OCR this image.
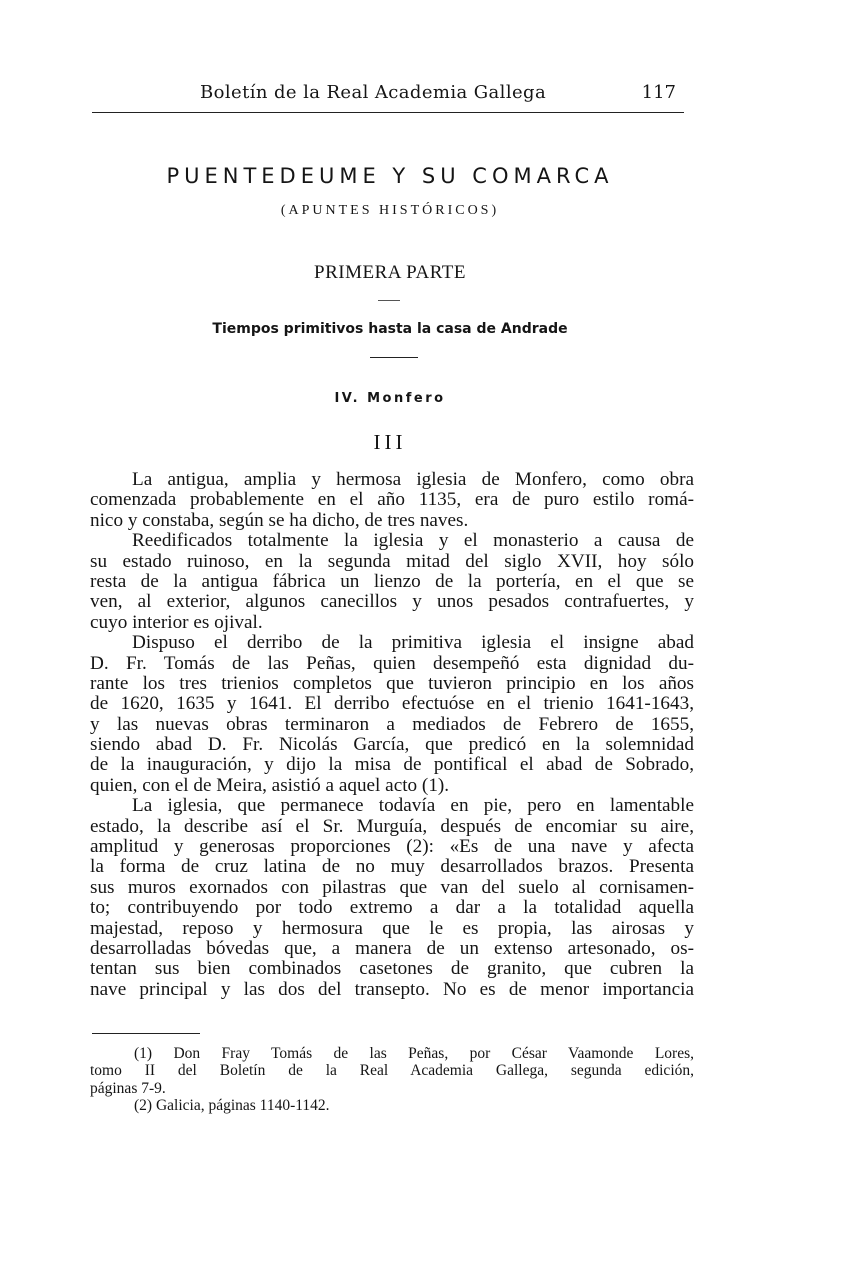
Boletín de la Real Academia Gallega	117
PUENTEDEUME Y SU COMARCA
(APUNTES HISTÓRICOS)
PRIMERA PARTE
Tiempos primitivos hasta la casa de Andrade
IV. Monfero
III
La antigua, amplia y hermosa iglesia de Monfero, como obra
comenzada probablemente en el año 1135, era de puro estilo romá-
nico y constaba, según se ha dicho, de tres naves.
Reedificados totalmente la iglesia y el monasterio a causa de
su estado ruinoso, en la segunda mitad del siglo XVII, hoy sólo
resta de la antigua fábrica un lienzo de la portería, en el que se
ven, al exterior, algunos canecillos y unos pesados contrafuertes, y
cuyo interior es ojival.
Dispuso el derribo de la primitiva iglesia el insigne abad
D. Fr. Tomás de las Peñas, quien desempeñó esta dignidad du-
rante los tres trienios completos que tuvieron principio en los años
de 1620, 1635 y 1641. El derribo efectuóse en el trienio 1641-1643,
y las nuevas obras terminaron a mediados de Febrero de 1655,
siendo abad D. Fr. Nicolás García, que predicó en la solemnidad
de la inauguración, y dijo la misa de pontifical el abad de Sobrado,
quien, con el de Meira, asistió a aquel acto (1).
La iglesia, que permanece todavía en pie, pero en lamentable
estado, la describe así el Sr. Murguía, después de encomiar su aire,
amplitud y generosas proporciones (2): «Es de una nave y afecta
la forma de cruz latina de no muy desarrollados brazos. Presenta
sus muros exornados con pilastras que van del suelo al cornisamen-
to; contribuyendo por todo extremo a dar a la totalidad aquella
majestad, reposo y hermosura que le es propia, las airosas y
desarrolladas bóvedas que, a manera de un extenso artesonado, os-
tentan sus bien combinados casetones de granito, que cubren la
nave principal y las dos del transepto. No es de menor importancia
(1) Don Fray Tomás de las Peñas, por César Vaamonde Lores,
tomo II del Boletín de la Real Academia Gallega, segunda edición,
páginas 7-9.
(2) Galicia, páginas 1140-1142.
